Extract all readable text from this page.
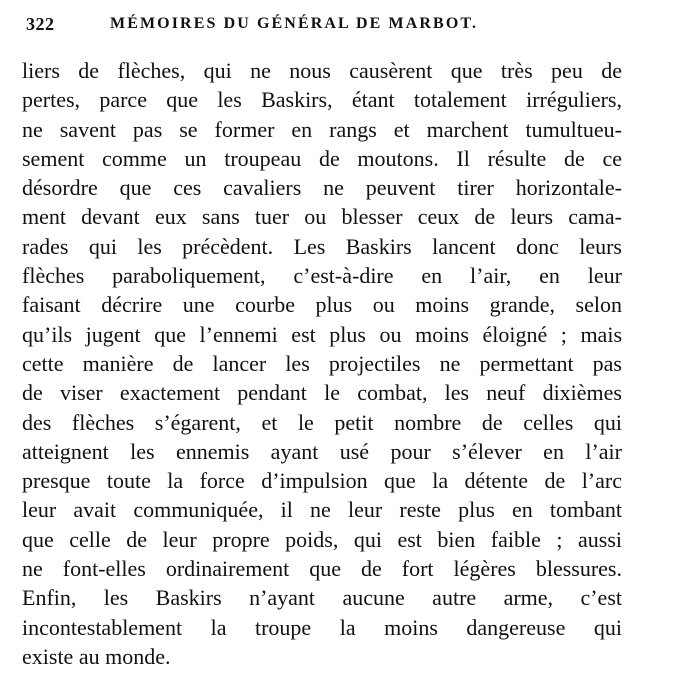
322	MÉMOIRES DU GÉNÉRAL DE MARBOT.
liers de flèches, qui ne nous causèrent que très peu de
pertes, parce que les Baskirs, étant totalement irréguliers,
ne savent pas se former en rangs et marchent tumultueu-
sement comme un troupeau de moutons. Il résulte de ce
désordre que ces cavaliers ne peuvent tirer horizontale-
ment devant eux sans tuer ou blesser ceux de leurs cama-
rades qui les précèdent. Les Baskirs lancent donc leurs
flèches paraboliquement, c’est-à-dire en l’air, en leur
faisant décrire une courbe plus ou moins grande, selon
qu’ils jugent que l’ennemi est plus ou moins éloigné ; mais
cette manière de lancer les projectiles ne permettant pas
de viser exactement pendant le combat, les neuf dixièmes
des flèches s’égarent, et le petit nombre de celles qui
atteignent les ennemis ayant usé pour s’élever en l’air
presque toute la force d’impulsion que la détente de l’arc
leur avait communiquée, il ne leur reste plus en tombant
que celle de leur propre poids, qui est bien faible ; aussi
ne font-elles ordinairement que de fort légères blessures.
Enfin, les Baskirs n’ayant aucune autre arme, c’est
incontestablement la troupe la moins dangereuse qui
existe au monde.
